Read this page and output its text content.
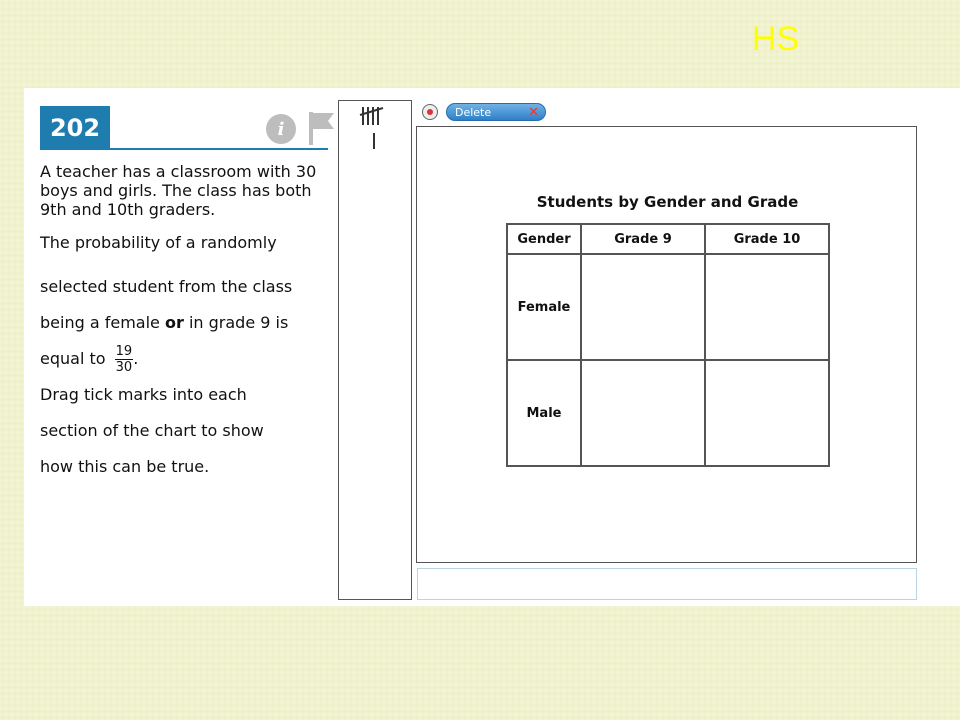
HS
202	i

A teacher has a classroom with 30 boys and girls. The class has both 9th and 10th graders.

The probability of a randomly

selected student from the class

being a female or in grade 9 is

equal to $\frac{19}{30}$ .

Drag tick marks into each

section of the chart to show

how this can be true.

Delete	✕
Students by Gender and Grade
Gender	Grade 9	Grade 10
Female		
Male		
